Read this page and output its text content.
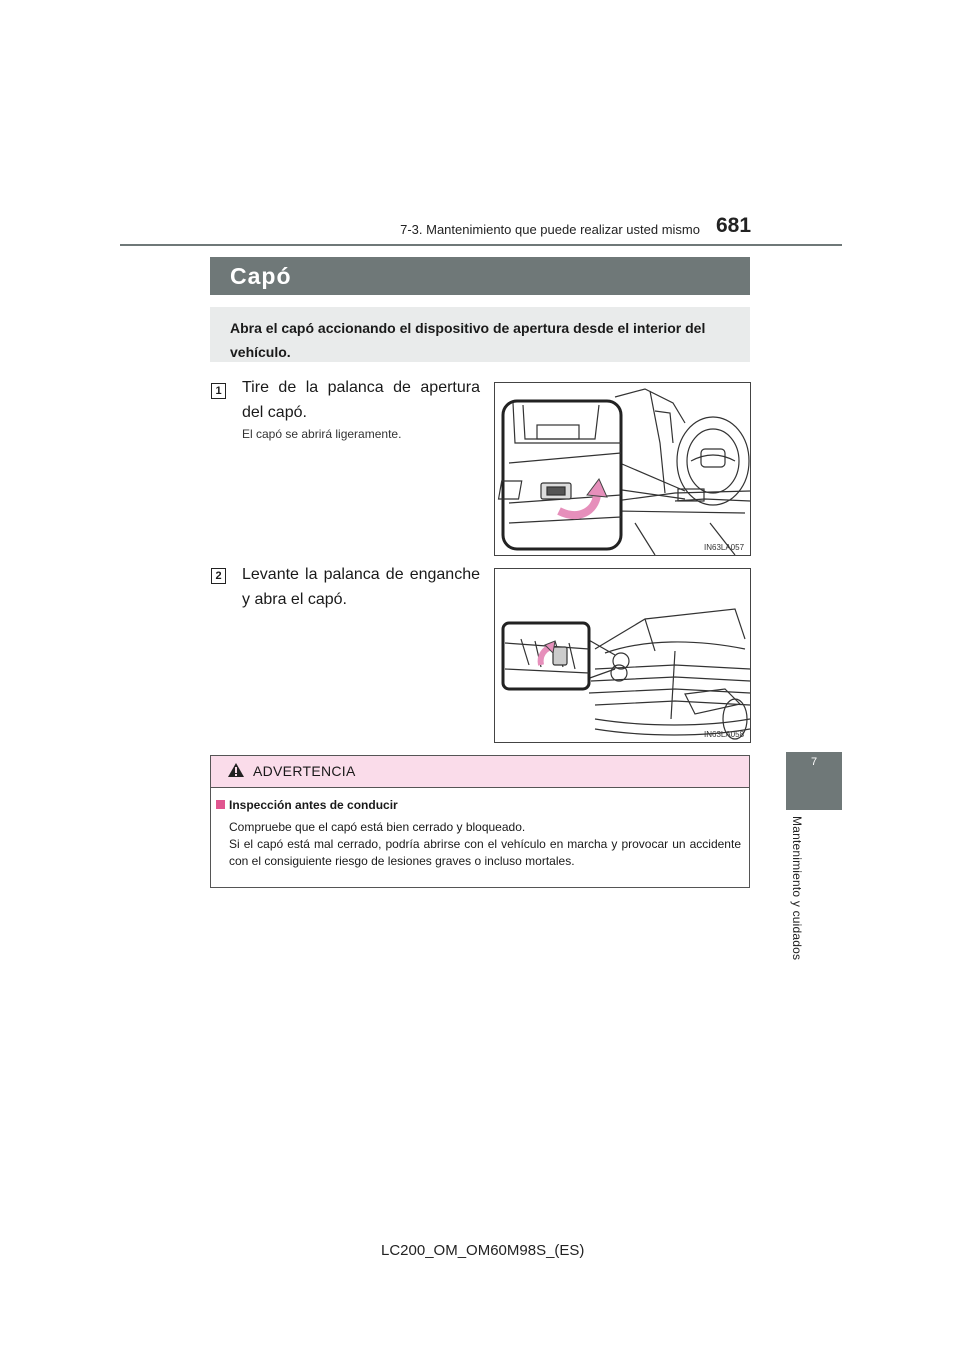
7-3. Mantenimiento que puede realizar usted mismo 681
7
Mantenimiento y cuidados
Capó
Abra el capó accionando el dispositivo de apertura desde el interior del vehículo.
1 Tire de la palanca de apertura del capó.
El capó se abrirá ligeramente.
IN63LA057
2 Levante la palanca de enganche y abra el capó.
IN63LA058
ADVERTENCIA
Inspección antes de conducir
Compruebe que el capó está bien cerrado y bloqueado.
Si el capó está mal cerrado, podría abrirse con el vehículo en marcha y provocar un accidente con el consiguiente riesgo de lesiones graves o incluso mortales.
LC200_OM_OM60M98S_(ES)
